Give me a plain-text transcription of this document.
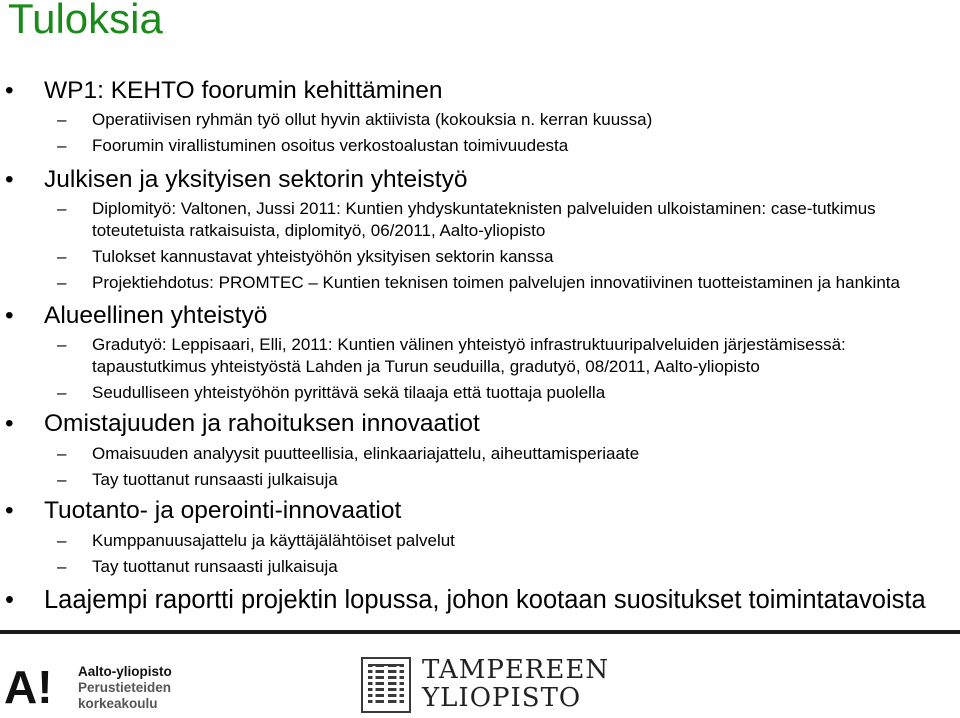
Tuloksia
• WP1: KEHTO foorumin kehittäminen
– Operatiivisen ryhmän työ ollut hyvin aktiivista (kokouksia n. kerran kuussa)
– Foorumin virallistuminen osoitus verkostoalustan toimivuudesta
• Julkisen ja yksityisen sektorin yhteistyö
– Diplomityö: Valtonen, Jussi 2011: Kuntien yhdyskuntateknisten palveluiden ulkoistaminen: case-tutkimus
toteutetuista ratkaisuista, diplomityö, 06/2011, Aalto-yliopisto
– Tulokset kannustavat yhteistyöhön yksityisen sektorin kanssa
– Projektiehdotus: PROMTEC – Kuntien teknisen toimen palvelujen innovatiivinen tuotteistaminen ja hankinta
• Alueellinen yhteistyö
– Gradutyö: Leppisaari, Elli, 2011: Kuntien välinen yhteistyö infrastruktuuripalveluiden järjestämisessä:
tapaustutkimus yhteistyöstä Lahden ja Turun seuduilla, gradutyö, 08/2011, Aalto-yliopisto
– Seudulliseen yhteistyöhön pyrittävä sekä tilaaja että tuottaja puolella
• Omistajuuden ja rahoituksen innovaatiot
– Omaisuuden analyysit puutteellisia, elinkaariajattelu, aiheuttamisperiaate
– Tay tuottanut runsaasti julkaisuja
• Tuotanto- ja operointi-innovaatiot
– Kumppanuusajattelu ja käyttäjälähtöiset palvelut
– Tay tuottanut runsaasti julkaisuja
• Laajempi raportti projektin lopussa, johon kootaan suositukset toimintatavoista
A! Aalto-yliopisto
Perustieteiden
korkeakoulu
TAMPEREEN
YLIOPISTO
